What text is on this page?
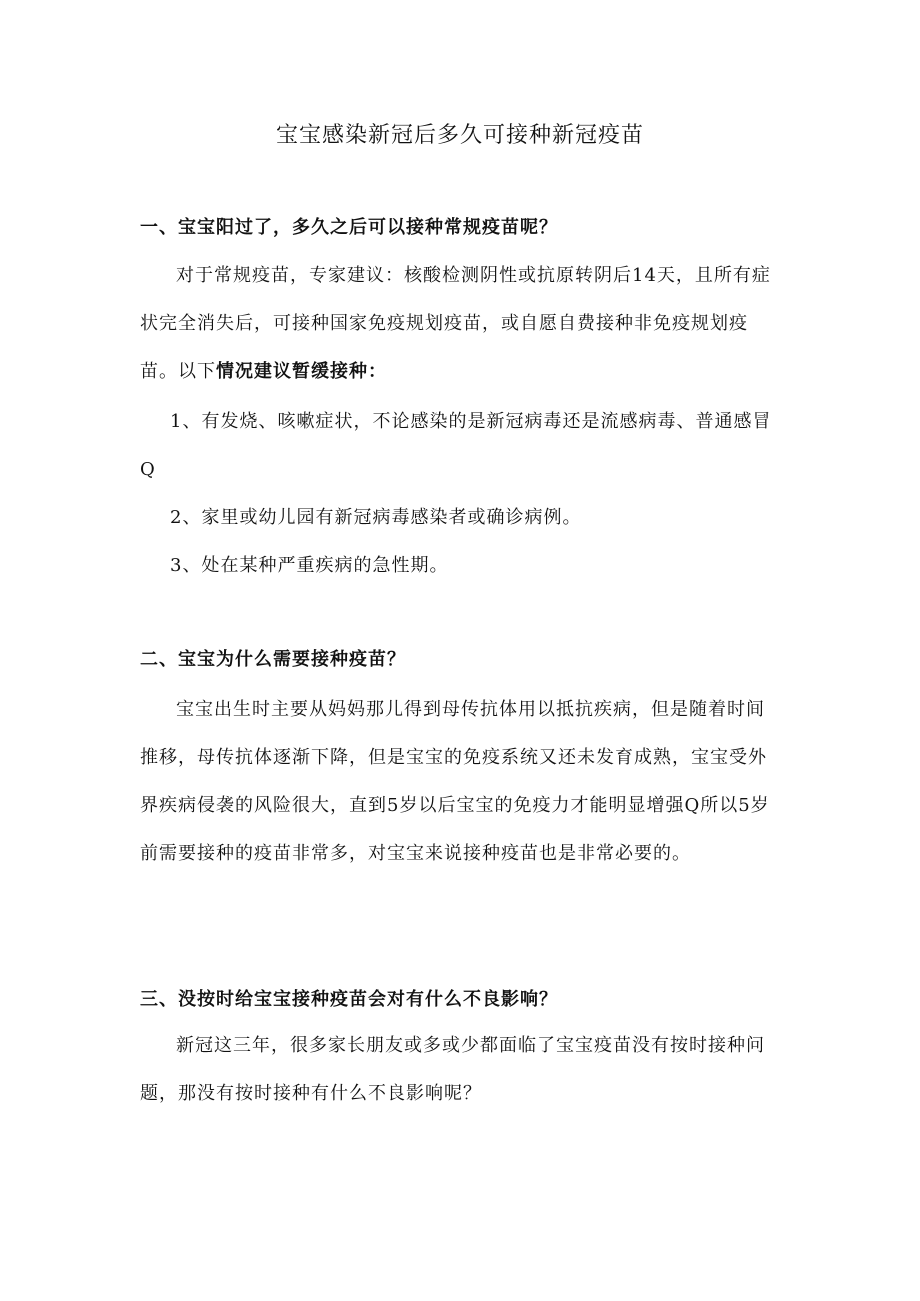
宝宝感染新冠后多久可接种新冠疫苗
一、宝宝阳过了，多久之后可以接种常规疫苗呢？

对于常规疫苗，专家建议：核酸检测阴性或抗原转阴后14天，且所有症状完全消失后，可接种国家免疫规划疫苗，或自愿自费接种非免疫规划疫苗。以下情况建议暂缓接种：

1、有发烧、咳嗽症状，不论感染的是新冠病毒还是流感病毒、普通感冒Q

2、家里或幼儿园有新冠病毒感染者或确诊病例。

3、处在某种严重疾病的急性期。

二、宝宝为什么需要接种疫苗？

宝宝出生时主要从妈妈那儿得到母传抗体用以抵抗疾病，但是随着时间推移，母传抗体逐渐下降，但是宝宝的免疫系统又还未发育成熟，宝宝受外界疾病侵袭的风险很大，直到5岁以后宝宝的免疫力才能明显增强Q所以5岁前需要接种的疫苗非常多，对宝宝来说接种疫苗也是非常必要的。

三、没按时给宝宝接种疫苗会对有什么不良影响？

新冠这三年，很多家长朋友或多或少都面临了宝宝疫苗没有按时接种问题，那没有按时接种有什么不良影响呢？
